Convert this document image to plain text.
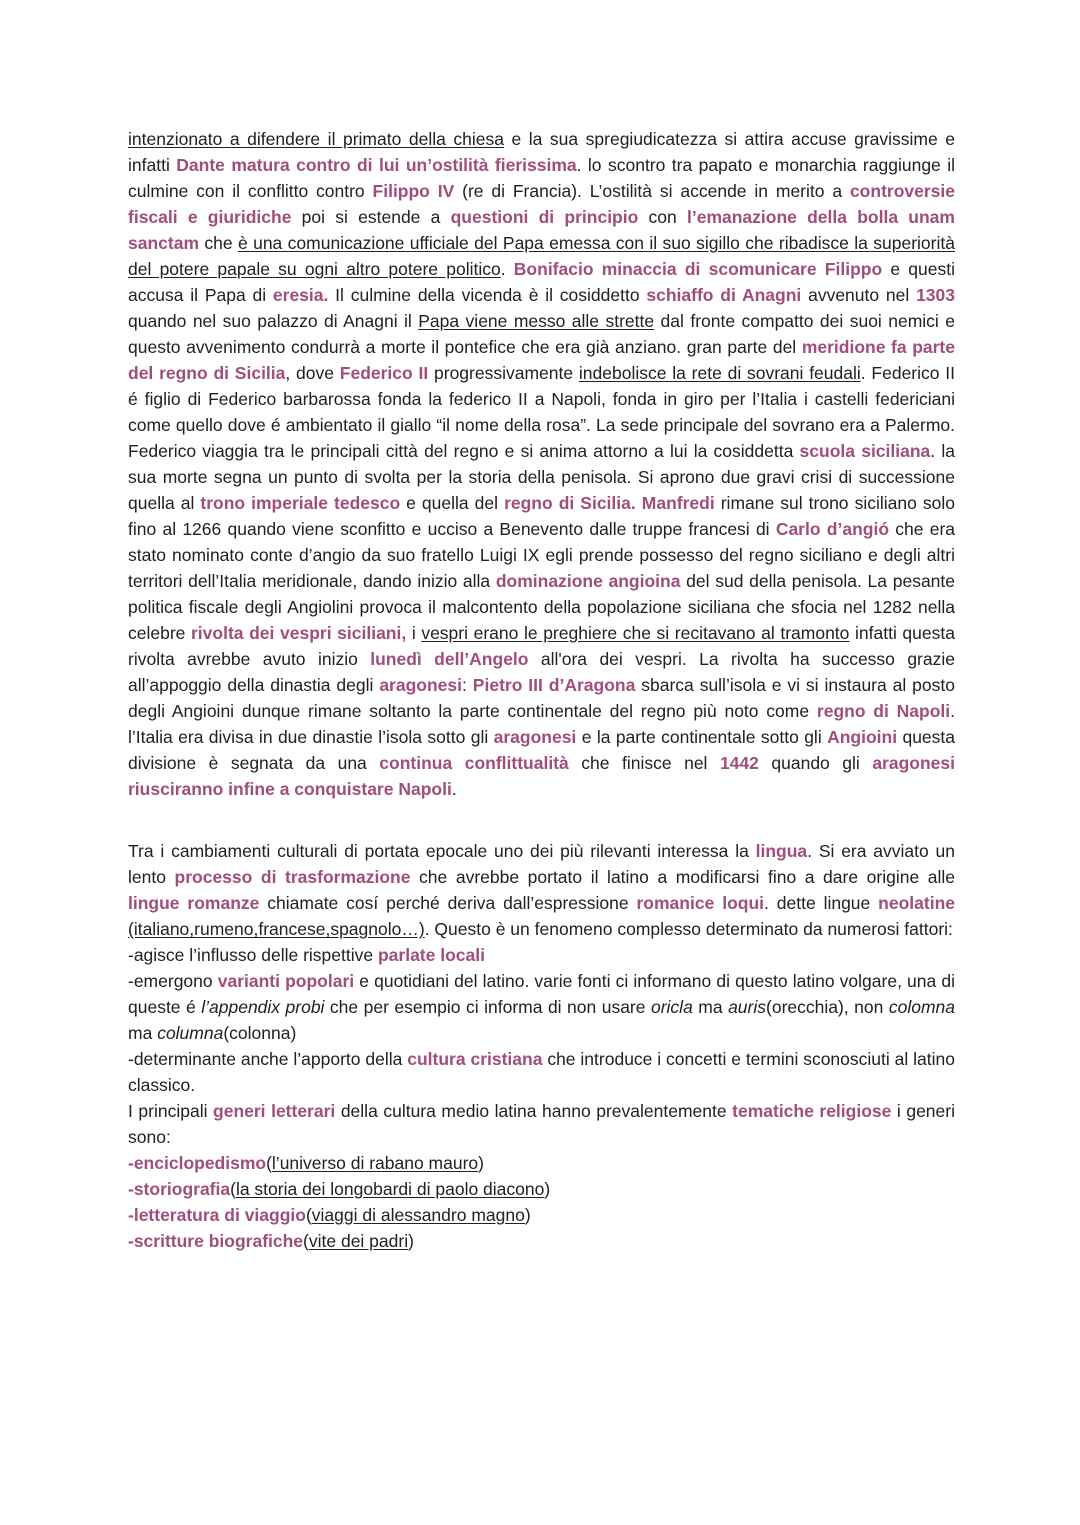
intenzionato a difendere il primato della chiesa e la sua spregiudicatezza si attira accuse gravissime e infatti Dante matura contro di lui un’ostilità fierissima. lo scontro tra papato e monarchia raggiunge il culmine con il conflitto contro Filippo IV (re di Francia). L’ostilità si accende in merito a controversie fiscali e giuridiche poi si estende a questioni di principio con l’emanazione della bolla unam sanctam che è una comunicazione ufficiale del Papa emessa con il suo sigillo che ribadisce la superiorità del potere papale su ogni altro potere politico. Bonifacio minaccia di scomunicare Filippo e questi accusa il Papa di eresia. Il culmine della vicenda è il cosiddetto schiaffo di Anagni avvenuto nel 1303 quando nel suo palazzo di Anagni il Papa viene messo alle strette dal fronte compatto dei suoi nemici e questo avvenimento condurrà a morte il pontefice che era già anziano. gran parte del meridione fa parte del regno di Sicilia, dove Federico II progressivamente indebolisce la rete di sovrani feudali. Federico II é figlio di Federico barbarossa fonda la federico II a Napoli, fonda in giro per l’Italia i castelli federiciani come quello dove é ambientato il giallo “il nome della rosa”. La sede principale del sovrano era a Palermo. Federico viaggia tra le principali città del regno e si anima attorno a lui la cosiddetta scuola siciliana. la sua morte segna un punto di svolta per la storia della penisola. Si aprono due gravi crisi di successione quella al trono imperiale tedesco e quella del regno di Sicilia. Manfredi rimane sul trono siciliano solo fino al 1266 quando viene sconfitto e ucciso a Benevento dalle truppe francesi di Carlo d’angió che era stato nominato conte d’angio da suo fratello Luigi IX egli prende possesso del regno siciliano e degli altri territori dell’Italia meridionale, dando inizio alla dominazione angioina del sud della penisola. La pesante politica fiscale degli Angiolini provoca il malcontento della popolazione siciliana che sfocia nel 1282 nella celebre rivolta dei vespri siciliani, i vespri erano le preghiere che si recitavano al tramonto infatti questa rivolta avrebbe avuto inizio lunedì dell’Angelo all'ora dei vespri. La rivolta ha successo grazie all’appoggio della dinastia degli aragonesi: Pietro III d’Aragona sbarca sull’isola e vi si instaura al posto degli Angioini dunque rimane soltanto la parte continentale del regno più noto come regno di Napoli. l’Italia era divisa in due dinastie l’isola sotto gli aragonesi e la parte continentale sotto gli Angioini questa divisione è segnata da una continua conflittualità che finisce nel 1442 quando gli aragonesi riusciranno infine a conquistare Napoli.

Tra i cambiamenti culturali di portata epocale uno dei più rilevanti interessa la lingua. Si era avviato un lento processo di trasformazione che avrebbe portato il latino a modificarsi fino a dare origine alle lingue romanze chiamate cosí perché deriva dall’espressione romanice loqui. dette lingue neolatine (italiano,rumeno,francese,spagnolo…). Questo è un fenomeno complesso determinato da numerosi fattori:

-agisce l’influsso delle rispettive parlate locali

-emergono varianti popolari e quotidiani del latino. varie fonti ci informano di questo latino volgare, una di queste é l’appendix probi che per esempio ci informa di non usare oricla ma auris(orecchia), non colomna ma columna(colonna)

-determinante anche l’apporto della cultura cristiana che introduce i concetti e termini sconosciuti al latino classico.

I principali generi letterari della cultura medio latina hanno prevalentemente tematiche religiose i generi sono:

-enciclopedismo(l’universo di rabano mauro)

-storiografia(la storia dei longobardi di paolo diacono)

-letteratura di viaggio(viaggi di alessandro magno)

-scritture biografiche(vite dei padri)
